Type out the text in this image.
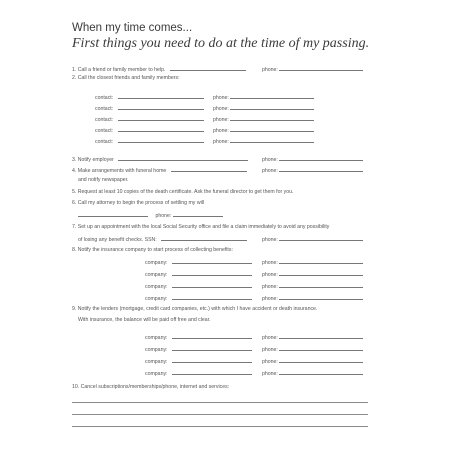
When my time comes...
First things you need to do at the time of my passing.
1. Call a friend or family member to help.	phone:
2. Call the closest friends and family members:
contact:	phone:
contact:	phone:
contact:	phone:
contact:	phone:
contact:	phone:
3. Notify employer	phone:
4. Make arrangements with funeral home	phone:
and notify newspaper.
5. Request at least 10 copies of the death certificate. Ask the funeral director to get them for you.
6. Call my attorney to begin the process of settling my will
phone:
7. Set up an appointment with the local Social Security office and file a claim immediately to avoid any possibility
of losing any benefit checks. SSN:	phone:
8. Notify the insurance company to start process of collecting benefits:
company:	phone:
company:	phone:
company:	phone:
company:	phone:
9. Notify the lenders (mortgage, credit card companies, etc.) with which I have accident or death insurance.
With insurance, the balance will be paid off free and clear.
company:	phone:
company:	phone:
company:	phone:
company:	phone:
10. Cancel subscriptions/memberships/phone, internet and services:
